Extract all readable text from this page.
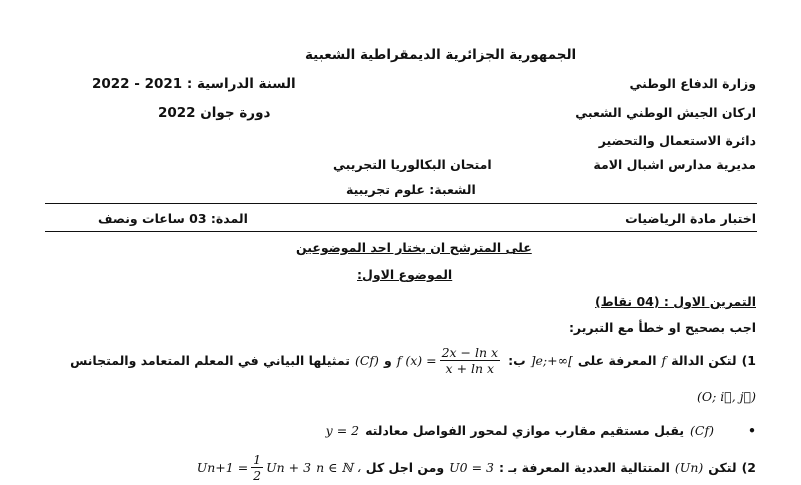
الجمهورية الجزائرية الديمقراطية الشعبية
وزارة الدفاع الوطني
السنة الدراسية : 2021 - 2022
اركان الجيش الوطني الشعبي
دورة جوان 2022
دائرة الاستعمال والتحضير
مديرية مدارس اشبال الامة
امتحان البكالوريا التجريبي
الشعبة: علوم تجريبية
اختبار مادة الرياضيات
المدة: 03 ساعات ونصف
على المترشح ان يختار احد الموضوعين
الموضوع الاول:
التمرين الاول : (04 نقاط)
اجب بصحيح او خطأ مع التبرير:
1)
لتكن الدالة
f
المعرفة على
]e;+∞[
ب:
f $(x) = \frac{\text{2x − ln x}}{\text{x + ln x}}$
و
(Cf)
تمثيلها البياني في المعلم المتعامد والمتجانس
(O; i⃗, j⃗)
•
(Cf)
يقبل مستقيم مقارب موازي لمحور الفواصل معادلته
y = 2
2)
لتكن
(Un)
المتتالية العددية المعرفة بـ :
U0 = 3
ومن اجل كل
n ∈ ℕ ،
$Un+1 = \frac{1}{2}$ Un + 3
